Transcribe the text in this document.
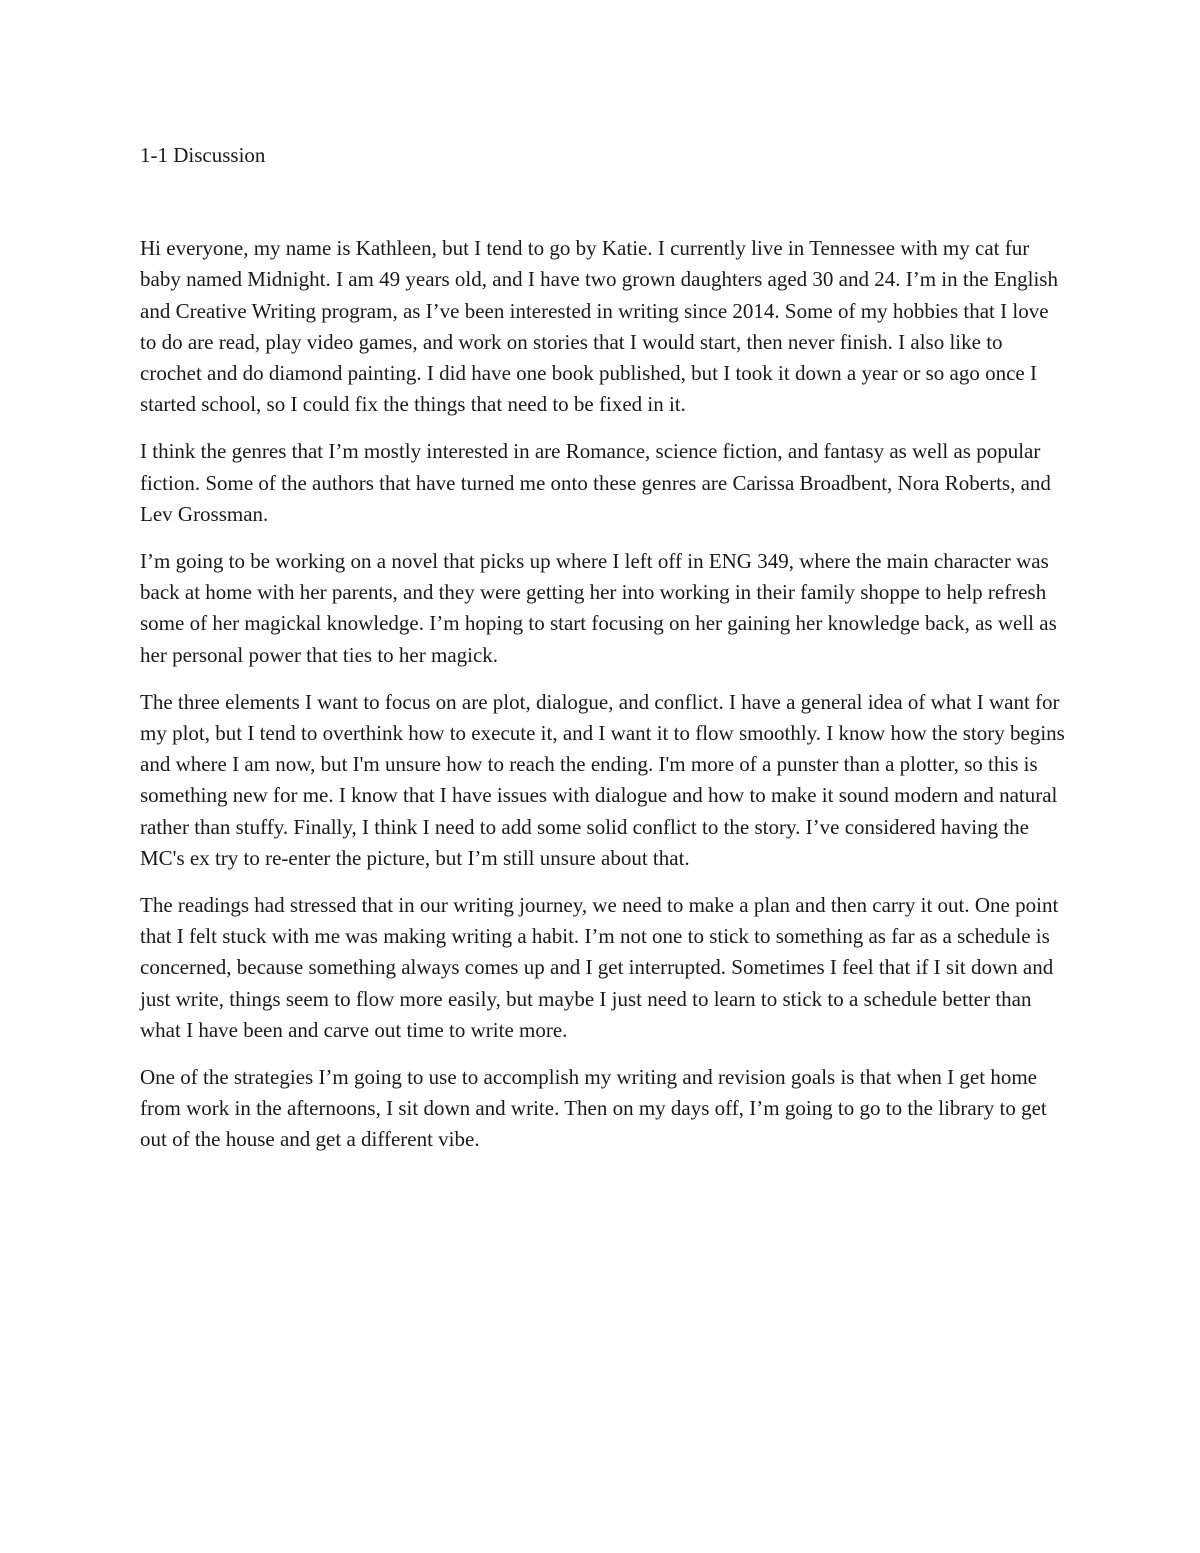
1-1 Discussion

Hi everyone, my name is Kathleen, but I tend to go by Katie. I currently live in Tennessee with my cat fur baby named Midnight. I am 49 years old, and I have two grown daughters aged 30 and 24. I’m in the English and Creative Writing program, as I’ve been interested in writing since 2014. Some of my hobbies that I love to do are read, play video games, and work on stories that I would start, then never finish. I also like to crochet and do diamond painting. I did have one book published, but I took it down a year or so ago once I started school, so I could fix the things that need to be fixed in it.

I think the genres that I’m mostly interested in are Romance, science fiction, and fantasy as well as popular fiction. Some of the authors that have turned me onto these genres are Carissa Broadbent, Nora Roberts, and Lev Grossman.

I’m going to be working on a novel that picks up where I left off in ENG 349, where the main character was back at home with her parents, and they were getting her into working in their family shoppe to help refresh some of her magickal knowledge. I’m hoping to start focusing on her gaining her knowledge back, as well as her personal power that ties to her magick.

The three elements I want to focus on are plot, dialogue, and conflict. I have a general idea of what I want for my plot, but I tend to overthink how to execute it, and I want it to flow smoothly. I know how the story begins and where I am now, but I'm unsure how to reach the ending. I'm more of a punster than a plotter, so this is something new for me. I know that I have issues with dialogue and how to make it sound modern and natural rather than stuffy. Finally, I think I need to add some solid conflict to the story. I’ve considered having the MC's ex try to re-enter the picture, but I’m still unsure about that.

The readings had stressed that in our writing journey, we need to make a plan and then carry it out. One point that I felt stuck with me was making writing a habit. I’m not one to stick to something as far as a schedule is concerned, because something always comes up and I get interrupted. Sometimes I feel that if I sit down and just write, things seem to flow more easily, but maybe I just need to learn to stick to a schedule better than what I have been and carve out time to write more.

One of the strategies I’m going to use to accomplish my writing and revision goals is that when I get home from work in the afternoons, I sit down and write. Then on my days off, I’m going to go to the library to get out of the house and get a different vibe.
